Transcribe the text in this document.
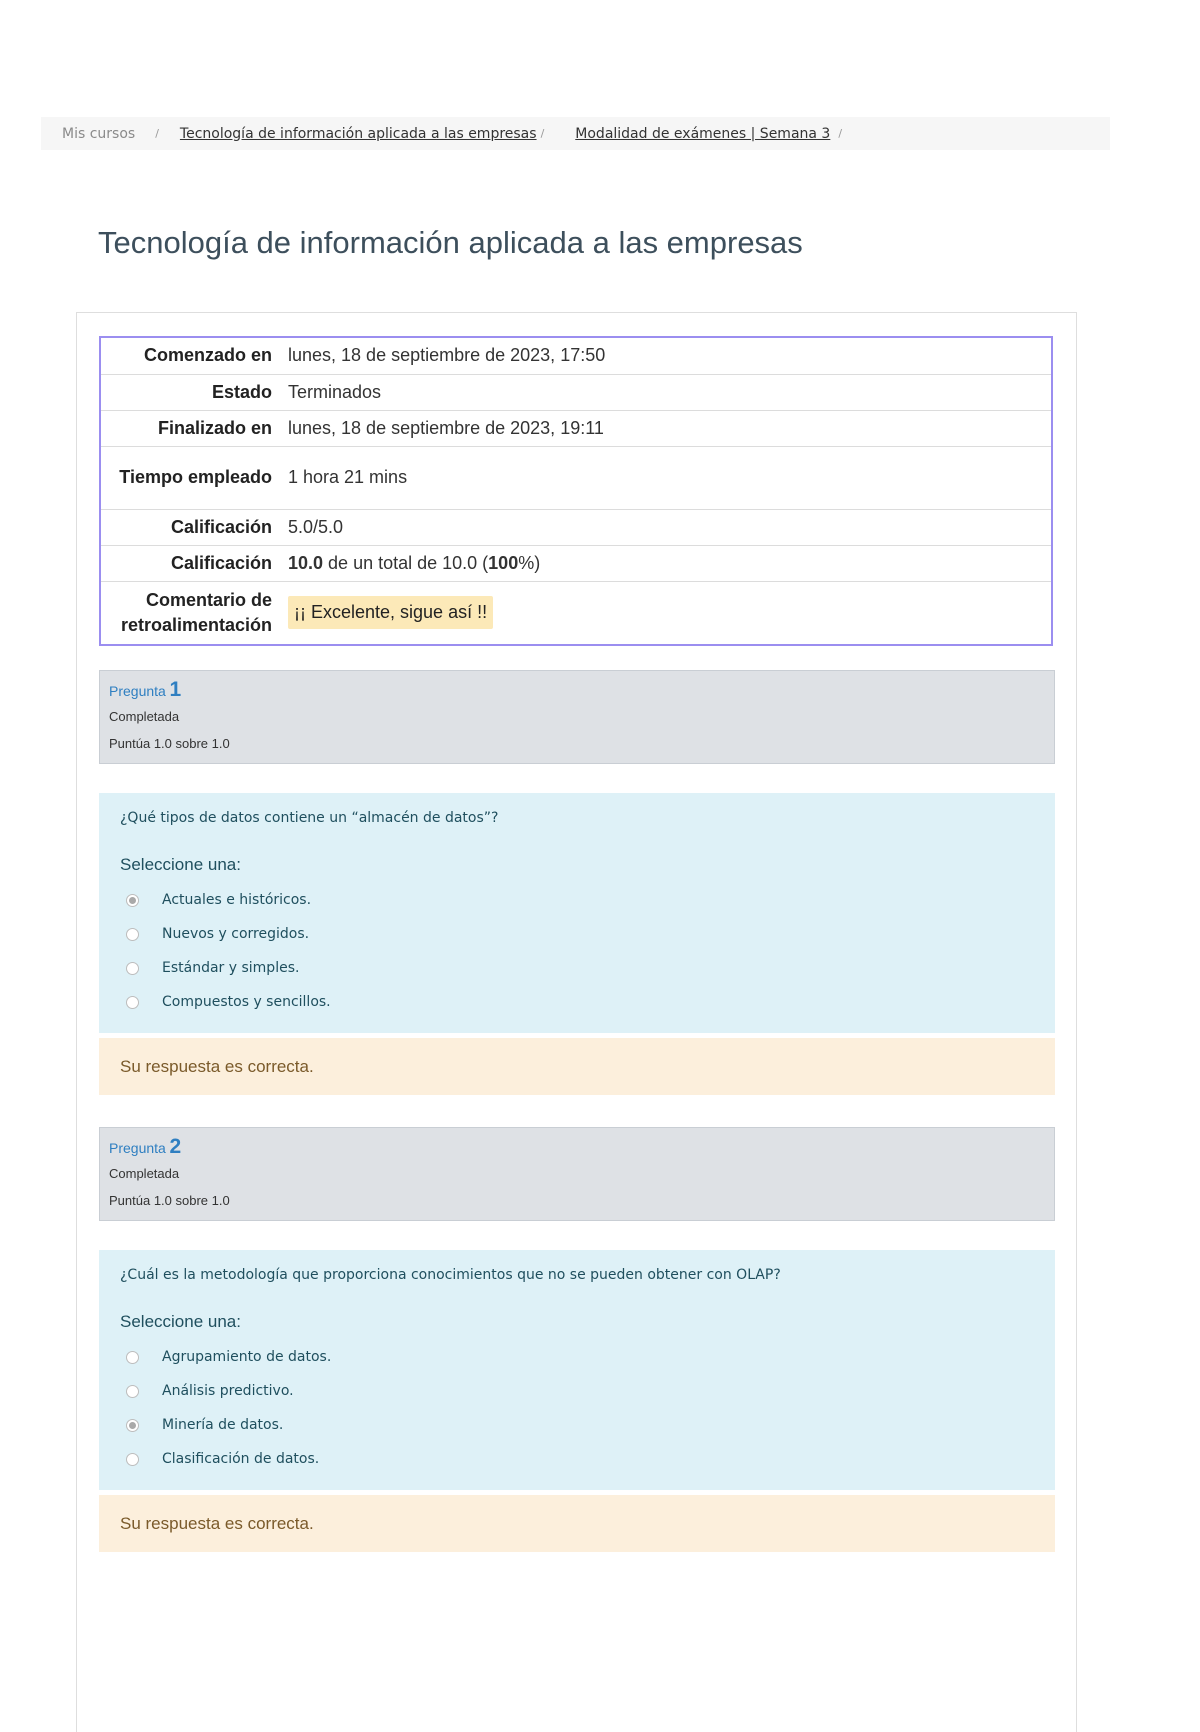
Mis cursos / Tecnología de información aplicada a las empresas / Modalidad de exámenes | Semana 3 /
Tecnología de información aplicada a las empresas
Comenzado en	lunes, 18 de septiembre de 2023, 17:50
Estado	Terminados
Finalizado en	lunes, 18 de septiembre de 2023, 19:11
Tiempo empleado	1 hora 21 mins
Calificación	5.0/5.0
Calificación	10.0 de un total de 10.0 (100%)
Comentario de retroalimentación	¡¡ Excelente, sigue así !!
Pregunta 1
Completada
Puntúa 1.0 sobre 1.0
¿Qué tipos de datos contiene un “almacén de datos”?
Seleccione una:
Actuales e históricos.
Nuevos y corregidos.
Estándar y simples.
Compuestos y sencillos.
Su respuesta es correcta.
Pregunta 2
Completada
Puntúa 1.0 sobre 1.0
¿Cuál es la metodología que proporciona conocimientos que no se pueden obtener con OLAP?
Seleccione una:
Agrupamiento de datos.
Análisis predictivo.
Minería de datos.
Clasificación de datos.
Su respuesta es correcta.
